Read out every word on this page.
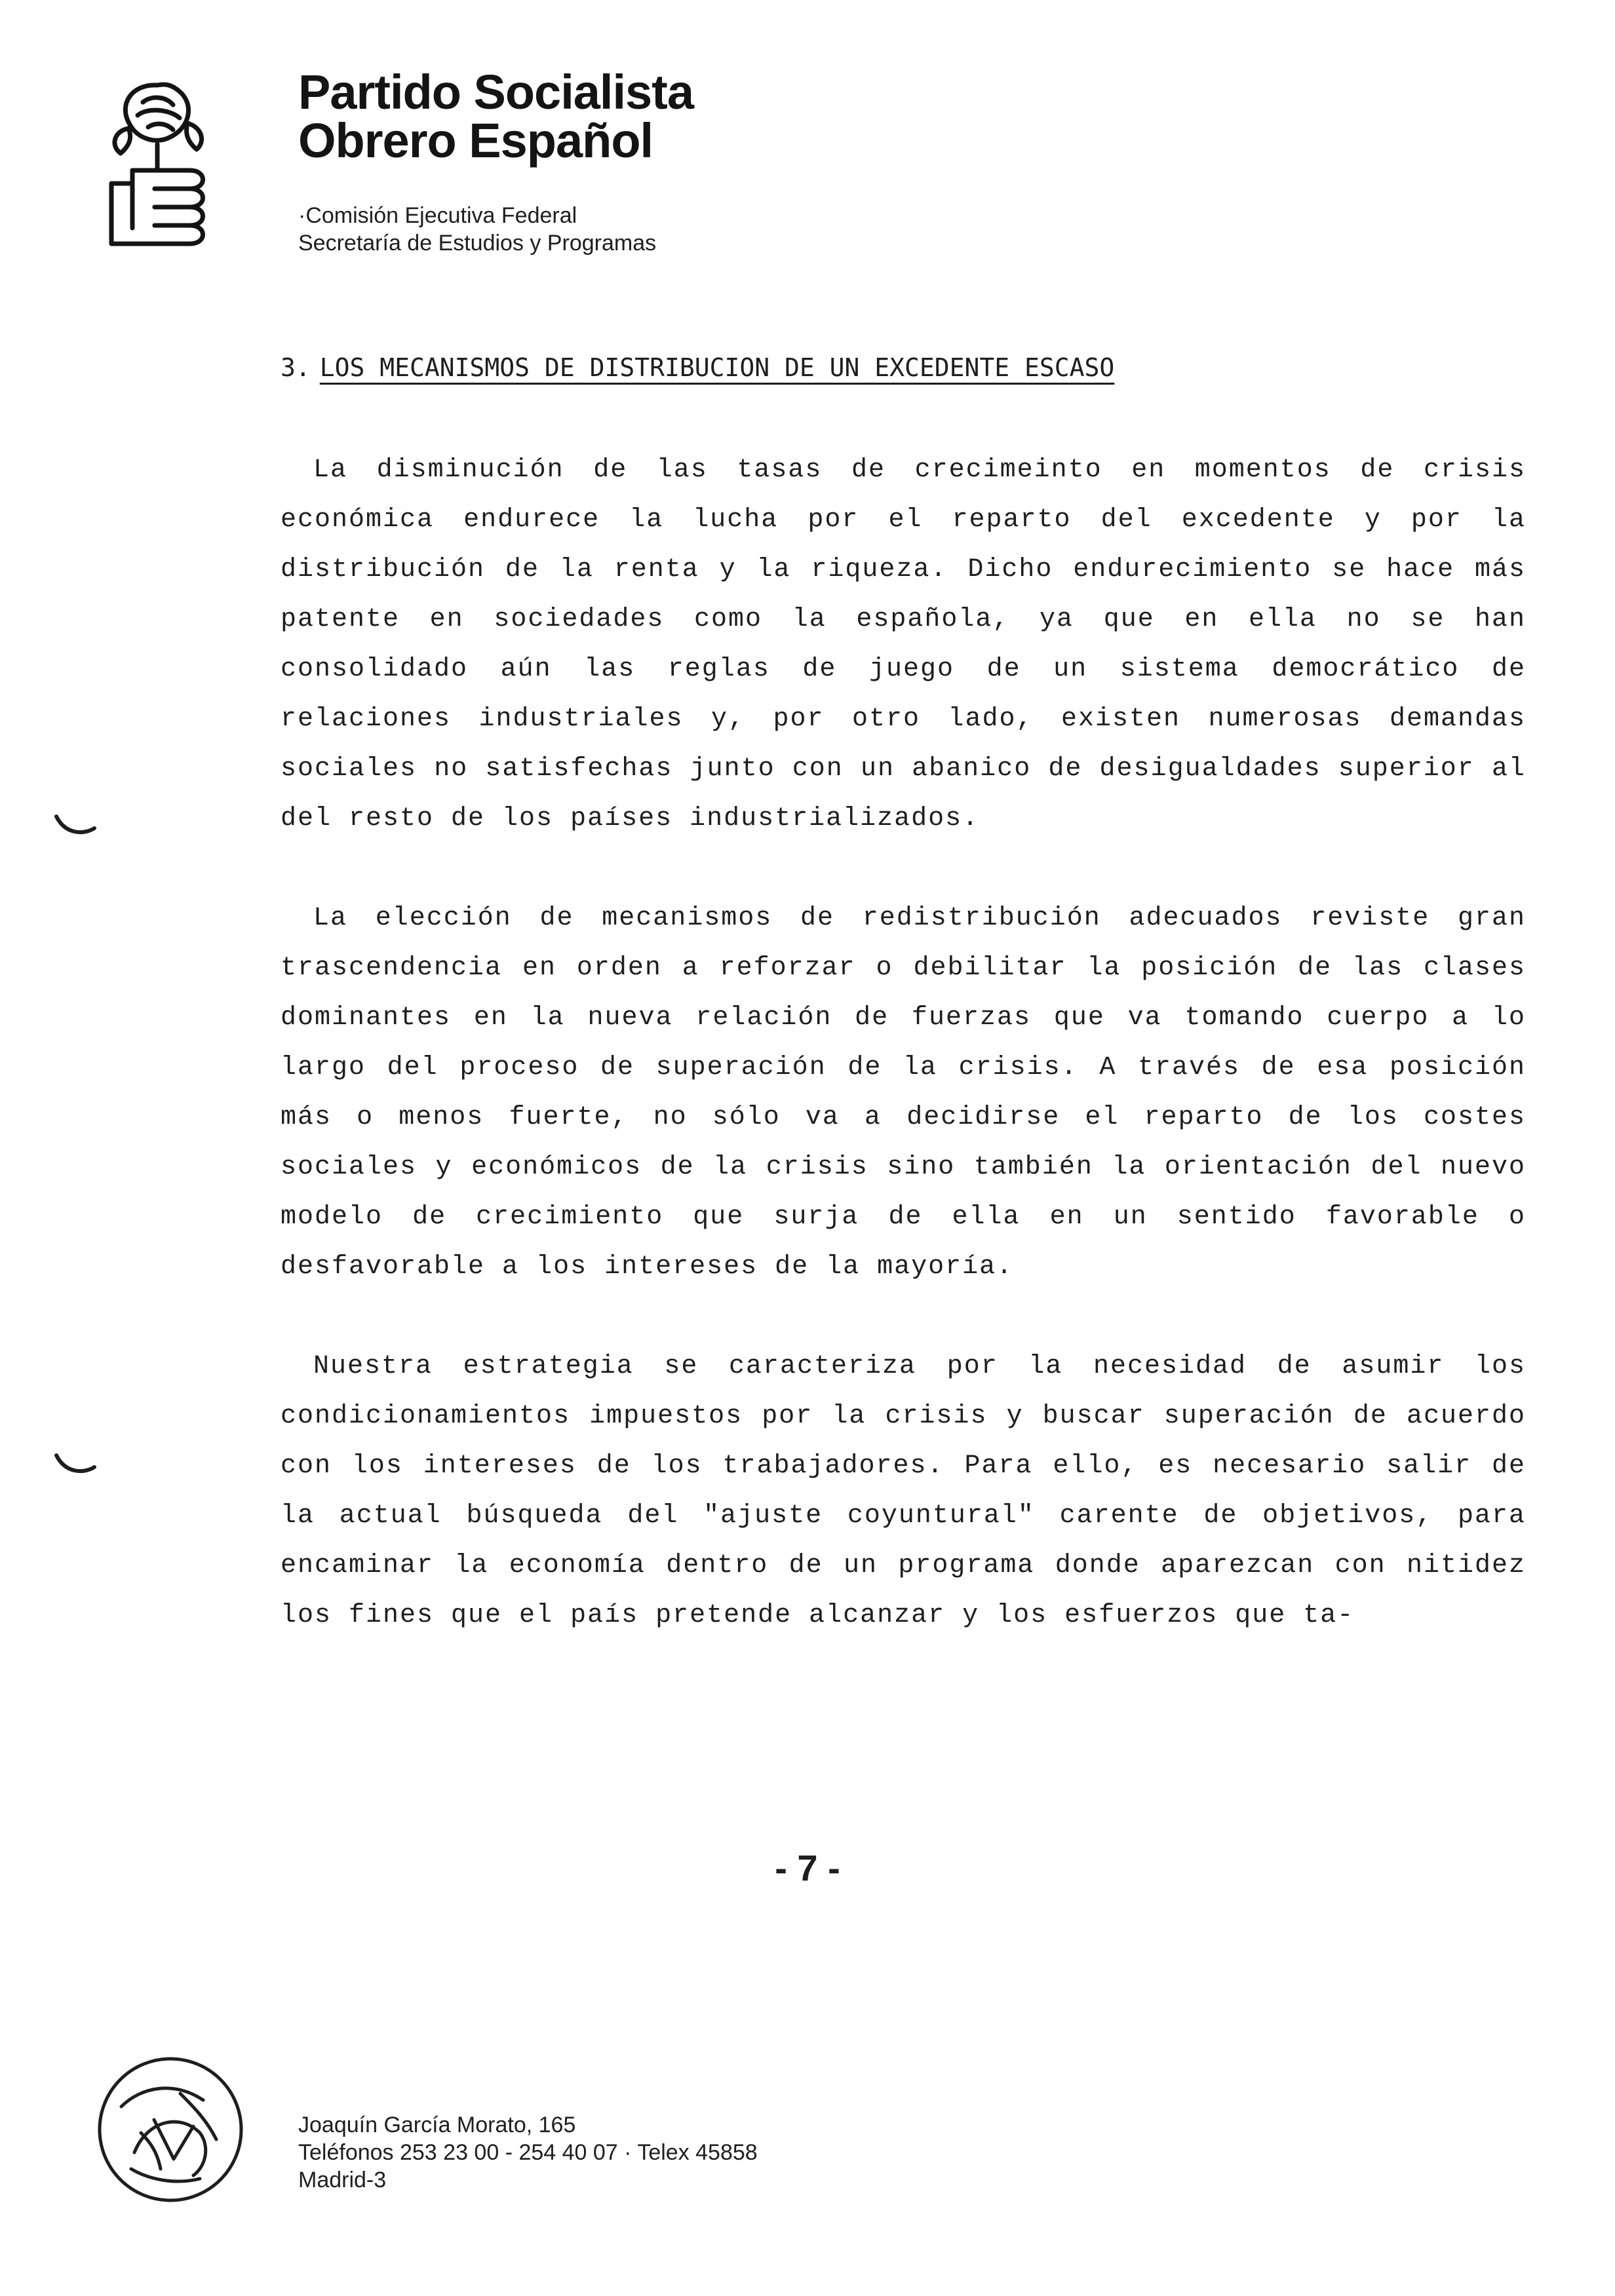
Partido Socialista
Obrero Español
·Comisión Ejecutiva Federal
Secretaría de Estudios y Programas
3. LOS MECANISMOS DE DISTRIBUCION DE UN EXCEDENTE ESCASO

La disminución de las tasas de crecimeinto en momentos de crisis económica endurece la lucha por el reparto del excedente y por la distribución de la renta y la riqueza. Dicho endurecimiento se hace más patente en sociedades como la española, ya que en ella no se han consolidado aún las reglas de juego de un sistema democrático de relaciones industriales y, por otro lado, existen numerosas demandas sociales no satisfechas junto con un abanico de desigualdades superior al del resto de los países industrializados.

La elección de mecanismos de redistribución adecuados reviste gran trascendencia en orden a reforzar o debilitar la posición de las clases dominantes en la nueva relación de fuerzas que va tomando cuerpo a lo largo del proceso de superación de la crisis. A través de esa posición más o menos fuerte, no sólo va a decidirse el reparto de los costes sociales y económicos de la crisis sino también la orientación del nuevo modelo de crecimiento que surja de ella en un sentido favorable o desfavorable a los intereses de la mayoría.

Nuestra estrategia se caracteriza por la necesidad de asumir los condicionamientos impuestos por la crisis y buscar superación de acuerdo con los intereses de los trabajadores. Para ello, es necesario salir de la actual búsqueda del "ajuste coyuntural" carente de objetivos, para encaminar la economía dentro de un programa donde aparezcan con nitidez los fines que el país pretende alcanzar y los esfuerzos que ta-

- 7 -
Joaquín García Morato, 165
Teléfonos 253 23 00 - 254 40 07 · Telex 45858
Madrid-3
